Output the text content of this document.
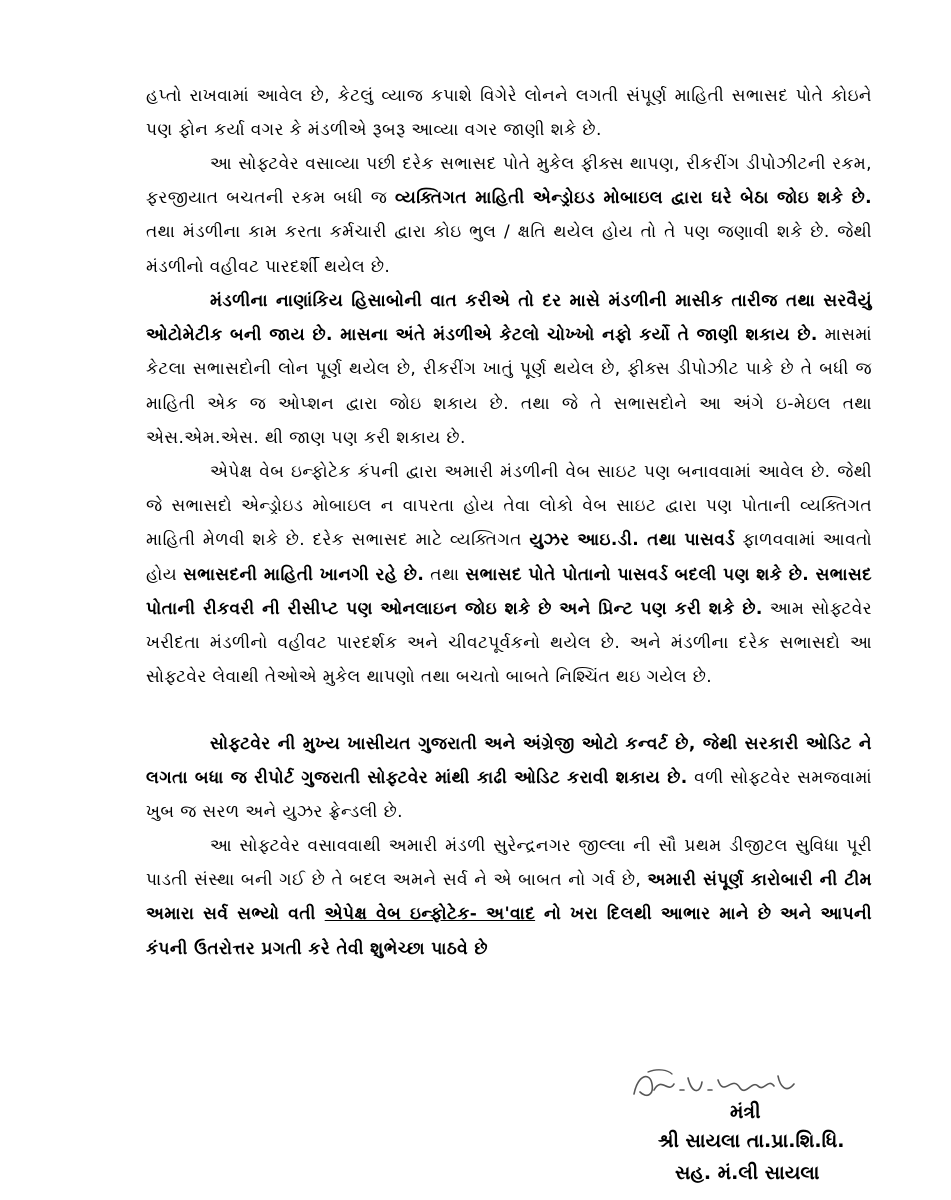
હપ્તો રાખવામાં આવેલ છે, કેટલું વ્યાજ કપાશે વિગેરે લોનને લગતી સંપૂર્ણ માહિતી સભાસદ પોતે કોઇને પણ ફોન કર્યા વગર કે મંડળીએ રૂબરૂ આવ્યા વગર જાણી શકે છે.

આ સોફ્ટવેર વસાવ્યા પછી દરેક સભાસદ પોતે મુકેલ ફીક્સ થાપણ, રીકરીંગ ડીપોઝીટની રકમ, ફરજીયાત બચતની રકમ બધી જ વ્યક્તિગત માહિતી એન્ડ્રોઇડ મોબાઇલ દ્વારા ઘરે બેઠા જોઇ શકે છે. તથા મંડળીના કામ કરતા કર્મચારી દ્વારા કોઇ ભુલ / ક્ષતિ થયેલ હોય તો તે પણ જણાવી શકે છે. જેથી મંડળીનો વહીવટ પારદર્શી થયેલ છે.

મંડળીના નાણાંકિય હિસાબોની વાત કરીએ તો દર માસે મંડળીની માસીક તારીજ તથા સરવૈયું ઓટોમેટીક બની જાય છે. માસના અંતે મંડળીએ કેટલો ચોખ્ખો નફો કર્યો તે જાણી શકાય છે. માસમાં કેટલા સભાસદોની લોન પૂર્ણ થયેલ છે, રીકરીંગ ખાતું પૂર્ણ થયેલ છે, ફીક્સ ડીપોઝીટ પાકે છે તે બધી જ માહિતી એક જ ઓપ્શન દ્વારા જોઇ શકાય છે. તથા જે તે સભાસદોને આ અંગે ઇ-મેઇલ તથા એસ.એમ.એસ. થી જાણ પણ કરી શકાય છે.

એપેક્ષ વેબ ઇન્ફોટેક કંપની દ્વારા અમારી મંડળીની વેબ સાઇટ પણ બનાવવામાં આવેલ છે. જેથી જે સભાસદો એન્ડ્રોઇડ મોબાઇલ ન વાપરતા હોય તેવા લોકો વેબ સાઇટ દ્વારા પણ પોતાની વ્યક્તિગત માહિતી મેળવી શકે છે. દરેક સભાસદ માટે વ્યક્તિગત યુઝર આઇ.ડી. તથા પાસવર્ડ ફાળવવામાં આવતો હોય સભાસદની માહિતી ખાનગી રહે છે. તથા સભાસદ પોતે પોતાનો પાસવર્ડ બદલી પણ શકે છે. સભાસદ પોતાની રીકવરી ની રીસીપ્ટ પણ ઓનલાઇન જોઇ શકે છે અને પ્રિન્ટ પણ કરી શકે છે. આમ સોફ્ટવેર ખરીદતા મંડળીનો વહીવટ પારદર્શક અને ચીવટપૂર્વકનો થયેલ છે. અને મંડળીના દરેક સભાસદો આ સોફ્ટવેર લેવાથી તેઓએ મુકેલ થાપણો તથા બચતો બાબતે નિશ્ચિંત થઇ ગયેલ છે.

સોફ્ટવેર ની મુખ્ય ખાસીયત ગુજરાતી અને અંગ્રેજી ઓટો કન્વર્ટ છે, જેથી સરકારી ઓડિટ ને લગતા બધા જ રીપોર્ટ ગુજરાતી સોફ્ટવેર માંથી કાઢી ઓડિટ કરાવી શકાય છે. વળી સોફ્ટવેર સમજવામાં ખુબ જ સરળ અને યુઝર ફ્રેન્ડલી છે.

આ સોફ્ટવેર વસાવવાથી અમારી મંડળી સુરેન્દ્રનગર જીલ્લા ની સૌ પ્રથમ ડીજીટલ સુવિધા પૂરી પાડતી સંસ્થા બની ગઈ છે તે બદલ અમને સર્વ ને એ બાબત નો ગર્વ છે, અમારી સંપૂર્ણ કારોબારી ની ટીમ અમારા સર્વ સભ્યો વતી એપેક્ષ વેબ ઇન્ફોટેક- અ'વાદ નો ખરા દિલથી આભાર માને છે અને આપની કંપની ઉતરોત્તર પ્રગતી કરે તેવી શુભેચ્છા પાઠવે છે

મંત્રી
શ્રી સાયલા તા.પ્રા.શિ.ધિ.
સહ. મં.લી સાયલા
